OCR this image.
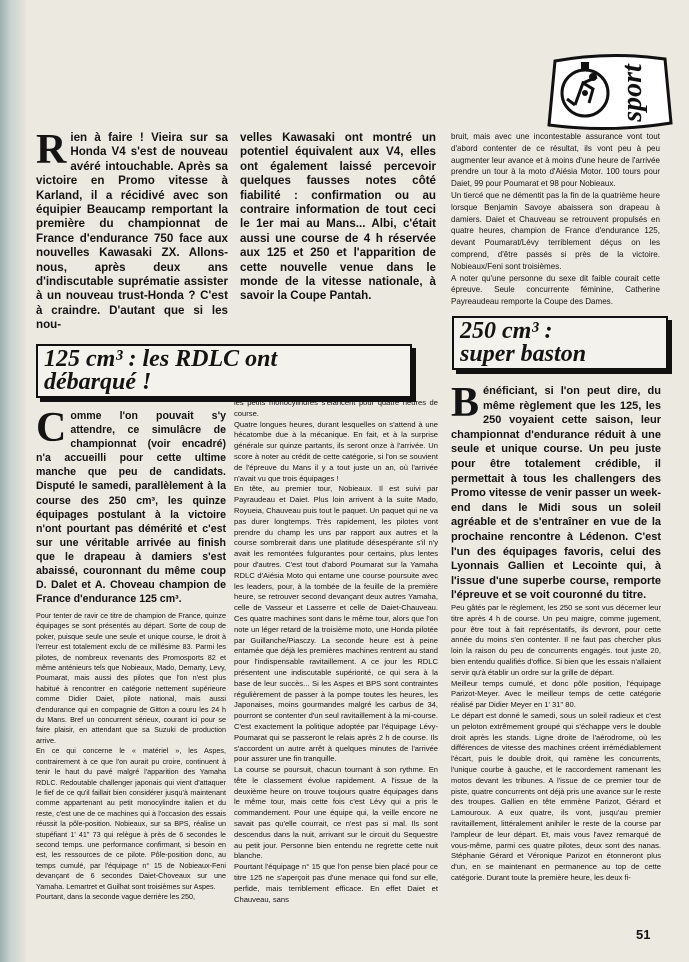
sport
Rien à faire ! Vieira sur sa Honda V4 s'est de nouveau avéré intouchable. Après sa victoire en Promo vitesse à Karland, il a récidivé avec son équipier Beaucamp remportant la première du championnat de France d'endurance 750 face aux nouvelles Kawasaki ZX. Allons-nous, après deux ans d'indiscutable suprématie assister à un nouveau trust-Honda ? C'est à craindre. D'autant que si les nou-
velles Kawasaki ont montré un potentiel équivalent aux V4, elles ont également laissé percevoir quelques fausses notes côté fiabilité : confirmation ou au contraire information de tout ceci le 1er mai au Mans... Albi, c'était aussi une course de 4 h réservée aux 125 et 250 et l'apparition de cette nouvelle venue dans le monde de la vitesse nationale, à savoir la Coupe Pantah.
bruit, mais avec une incontestable assurance vont tout d'abord contenter de ce résultat, ils vont peu à peu augmenter leur avance et à moins d'une heure de l'arrivée prendre un tour à la moto d'Aiésia Motor. 100 tours pour Daiet, 99 pour Poumarat et 98 pour Nobieaux.
Un tiercé que ne démentit pas la fin de la quatrième heure lorsque Benjamin Savoye abaissera son drapeau à damiers. Daiet et Chauveau se retrouvent propulsés en quatre heures, champion de France d'endurance 125, devant Poumarat/Lévy terriblement déçus on les comprend, d'être passés si près de la victoire. Nobieaux/Feni sont troisièmes.
A noter qu'une personne du sexe dit faible courait cette épreuve. Seule concurrente féminine, Catherine Payreaudeau remporte la Coupe des Dames.
125 cm³ : les RDLC ont
débarqué !
250 cm³ :
super baston
Comme l'on pouvait s'y attendre, ce simulâcre de championnat (voir encadré) n'a accueilli pour cette ultime manche que peu de candidats. Disputé le samedi, parallèlement à la course des 250 cm³, les quinze équipages postulant à la victoire n'ont pourtant pas démérité et c'est sur une véritable arrivée au finish que le drapeau à damiers s'est abaissé, couronnant du même coup D. Dalet et A. Choveau champion de France d'endurance 125 cm³.
Pour tenter de ravir ce titre de champion de France, quinze équipages se sont présentés au départ. Sorte de coup de poker, puisque seule une seule et unique course, le droit à l'erreur est totalement exclu de ce millésime 83. Parmi les pilotes, de nombreux revenants des Promosports 82 et même anténieurs tels que Nobieaux, Mado, Demarty, Levy, Poumarat, mais aussi des pilotes que l'on n'est plus habitué à rencontrer en catégorie nettement supérieure comme Didier Daiet, pilote national, mais aussi d'endurance qui en compagnie de Gitton a couru les 24 h du Mans. Bref un concurrent sérieux, courant ici pour se faire plaisir, en attendant que sa Suzuki de production arrive.
En ce qui concerne le « matériel », les Aspes, contrairement à ce que l'on aurait pu croire, continuent à tenir le haut du pavé malgré l'apparition des Yamaha RDLC. Redoutable challenger japonais qui vient d'attaquer le fief de ce qu'il faillait bien considérer jusqu'à maintenant comme appartenant au petit monocylindre italien et du reste, c'est une de ce machines qui à l'occasion des essais réussit la pôle-position. Nobieaux, sur sa BPS, réalise un stupéfiant 1' 41" 73 qui relègue à près de 6 secondes le second temps. une performance confirmant, si besoin en est, les ressources de ce pilote. Pôle-position donc, au temps cumulé, par l'équipage n° 15 de Nobieaux-Feni devançant de 6 secondes Daiet-Choveaux sur une Yamaha. Lemartret et Guilhat sont troisièmes sur Aspes.
Pourtant, dans la seconde vague derrière les 250,
les petits monocylindres s'élancent pour quatre heures de course.
Quatre longues heures, durant lesquelles on s'attend à une hécatombe due à la mécanique. En fait, et à la surprise générale sur quinze partants, ils seront onze à l'arrivée. Un score à noter au crédit de cette catégorie, si l'on se souvient de l'épreuve du Mans il y a tout juste un an, où l'arrivée n'avait vu que trois équipages !
En tête, au premier tour, Nobieaux. Il est suivi par Payraudeau et Daiet. Plus loin arrivent à la suite Mado, Royueia, Chauveau puis tout le paquet. Un paquet qui ne va pas durer longtemps. Très rapidement, les pilotes vont prendre du champ les uns par rapport aux autres et la course sombrerait dans une platitude désespérante s'il n'y avait les remontées fulgurantes pour certains, plus lentes pour d'autres. C'est tout d'abord Poumarat sur la Yamaha RDLC d'Aiésia Moto qui entame une course poursuite avec les leaders, pour, à la tombée de la feuille de la première heure, se retrouver second devançant deux autres Yamaha, celle de Vasseur et Lasserre et celle de Daiet-Chauveau. Ces quatre machines sont dans le même tour, alors que l'on note un léger retard de la troisième moto, une Honda pilotée par Guillanche/Piasczy. La seconde heure est à peine entamée que déjà les premières machines rentrent au stand pour l'indispensable ravitaillement. A ce jour les RDLC présentent une indiscutable supériorité, ce qui sera à la base de leur succès... Si les Aspes et BPS sont contraintes régulièrement de passer à la pompe toutes les heures, les Japonaises, moins gourmandes malgré les carbus de 34, pourront se contenter d'un seul ravitaillement à la mi-course. C'est exactement la politique adoptée par l'équipage Lévy-Poumarat qui se passeront le relais après 2 h de course. Ils s'accordent un autre arrêt à quelques minutes de l'arrivée pour assurer une fin tranquille.
La course se poursuit, chacun tournant à son rythme. En tête le classement évolue rapidement. A l'issue de la deuxième heure on trouve toujours quatre équipages dans le même tour, mais cette fois c'est Lévy qui a pris le commandement. Pour une équipe qui, la veille encore ne savait pas qu'elle courrait, ce n'est pas si mal. Ils sont descendus dans la nuit, arrivant sur le circuit du Sequestre au petit jour. Personne bien entendu ne regrette cette nuit blanche.
Pourtant l'équipage n° 15 que l'on pense bien placé pour ce titre 125 ne s'aperçoit pas d'une menace qui fond sur elle, perfide, mais terriblement efficace. En effet Daiet et Chauveau, sans
Bénéficiant, si l'on peut dire, du même règlement que les 125, les 250 voyaient cette saison, leur championnat d'endurance réduit à une seule et unique course. Un peu juste pour être totalement crédible, il permettait à tous les challengers des Promo vitesse de venir passer un week-end dans le Midi sous un soleil agréable et de s'entraîner en vue de la prochaine rencontre à Lédenon. C'est l'un des équipages favoris, celui des Lyonnais Gallien et Lecointe qui, à l'issue d'une superbe course, remporte l'épreuve et se voit couronné du titre.
Peu gâtés par le règlement, les 250 se sont vus décerner leur titre après 4 h de course. Un peu maigre, comme jugement, pour être tout à fait représentatifs, ils devront, pour cette année du moins s'en contenter. Il ne faut pas chercher plus loin la raison du peu de concurrents engagés. tout juste 20, bien entendu qualifiés d'office. Si bien que les essais n'allaient servir qu'à établir un ordre sur la grille de départ.
Meilleur temps cumulé, et donc pôle position, l'équipage Parizot-Meyer. Avec le meilleur temps de cette catégorie réalisé par Didier Meyer en 1' 31" 80.
Le départ est donné le samedi, sous un soleil radieux et c'est un peloton extrêmement groupé qui s'échappe vers le double droit après les stands. Ligne droite de l'aérodrome, où les différences de vitesse des machines créent irrémédiablement l'écart, puis le double droit, qui ramène les concurrents, l'unique courbe à gauche, et le raccordement ramenant les motos devant les tribunes. A l'issue de ce premier tour de piste, quatre concurrents ont déjà pris une avance sur le reste des troupes. Gallien en tête emmène Parizot, Gérard et Lamouroux. A eux quatre, ils vont, jusqu'au premier ravitaillement, littéralement anihiler le reste de la course par l'ampleur de leur départ. Et, mais vous l'avez remarqué de vous-même, parmi ces quatre pilotes, deux sont des nanas. Stéphanie Gérard et Véronique Parizot en étonneront plus d'un, en se maintenant en permanence au top de cette catégorie. Durant toute la première heure, les deux fi-
51
